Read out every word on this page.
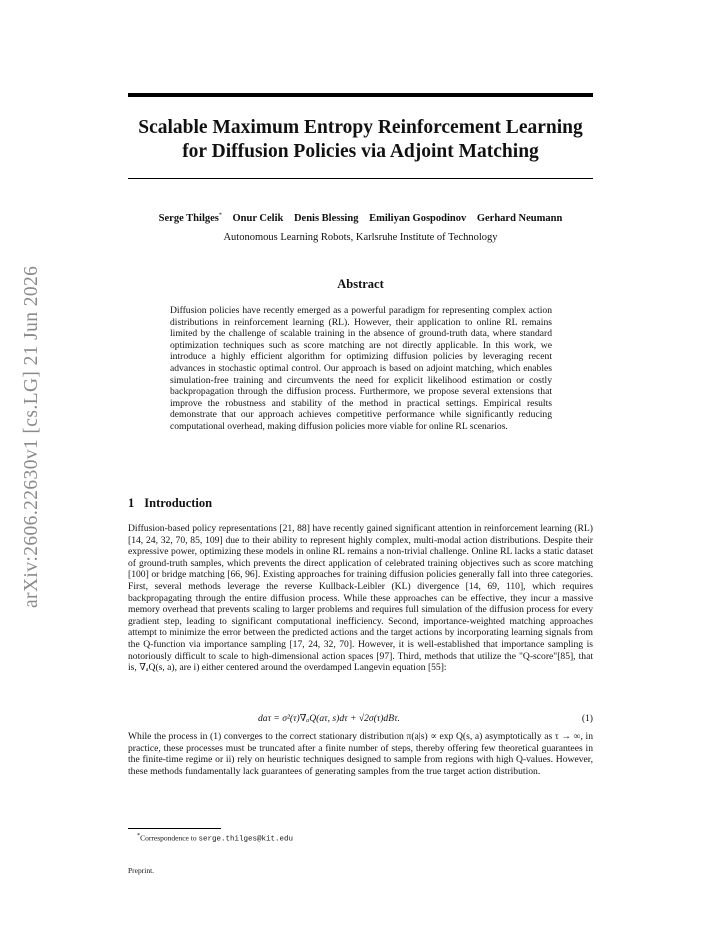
arXiv:2606.22630v1 [cs.LG] 21 Jun 2026
Scalable Maximum Entropy Reinforcement Learning for Diffusion Policies via Adjoint Matching
Serge Thilges* Onur Celik Denis Blessing Emiliyan Gospodinov Gerhard Neumann
Autonomous Learning Robots, Karlsruhe Institute of Technology
Abstract
Diffusion policies have recently emerged as a powerful paradigm for representing complex action distributions in reinforcement learning (RL). However, their application to online RL remains limited by the challenge of scalable training in the absence of ground-truth data, where standard optimization techniques such as score matching are not directly applicable. In this work, we introduce a highly efficient algorithm for optimizing diffusion policies by leveraging recent advances in stochastic optimal control. Our approach is based on adjoint matching, which enables simulation-free training and circumvents the need for explicit likelihood estimation or costly backpropagation through the diffusion process. Furthermore, we propose several extensions that improve the robustness and stability of the method in practical settings. Empirical results demonstrate that our approach achieves competitive performance while significantly reducing computational overhead, making diffusion policies more viable for online RL scenarios.
1 Introduction
Diffusion-based policy representations [21, 88] have recently gained significant attention in reinforcement learning (RL) [14, 24, 32, 70, 85, 109] due to their ability to represent highly complex, multi-modal action distributions. Despite their expressive power, optimizing these models in online RL remains a non-trivial challenge. Online RL lacks a static dataset of ground-truth samples, which prevents the direct application of celebrated training objectives such as score matching [100] or bridge matching [66, 96]. Existing approaches for training diffusion policies generally fall into three categories. First, several methods leverage the reverse Kullback-Leibler (KL) divergence [14, 69, 110], which requires backpropagating through the entire diffusion process. While these approaches can be effective, they incur a massive memory overhead that prevents scaling to larger problems and requires full simulation of the diffusion process for every gradient step, leading to significant computational inefficiency. Second, importance-weighted matching approaches attempt to minimize the error between the predicted actions and the target actions by incorporating learning signals from the Q-function via importance sampling [17, 24, 32, 70]. However, it is well-established that importance sampling is notoriously difficult to scale to high-dimensional action spaces [97]. Third, methods that utilize the "Q-score"[85], that is, ∇ₐQ(s, a), are i) either centered around the overdamped Langevin equation [55]:
daτ = σ²(τ)∇ₐQ(aτ, s)dτ + √2σ(τ)dBτ.	(1)
While the process in (1) converges to the correct stationary distribution π(a|s) ∝ exp Q(s, a) asymptotically as τ → ∞, in practice, these processes must be truncated after a finite number of steps, thereby offering few theoretical guarantees in the finite-time regime or ii) rely on heuristic techniques designed to sample from regions with high Q-values. However, these methods fundamentally lack guarantees of generating samples from the true target action distribution.
*Correspondence to serge.thilges@kit.edu
Preprint.
